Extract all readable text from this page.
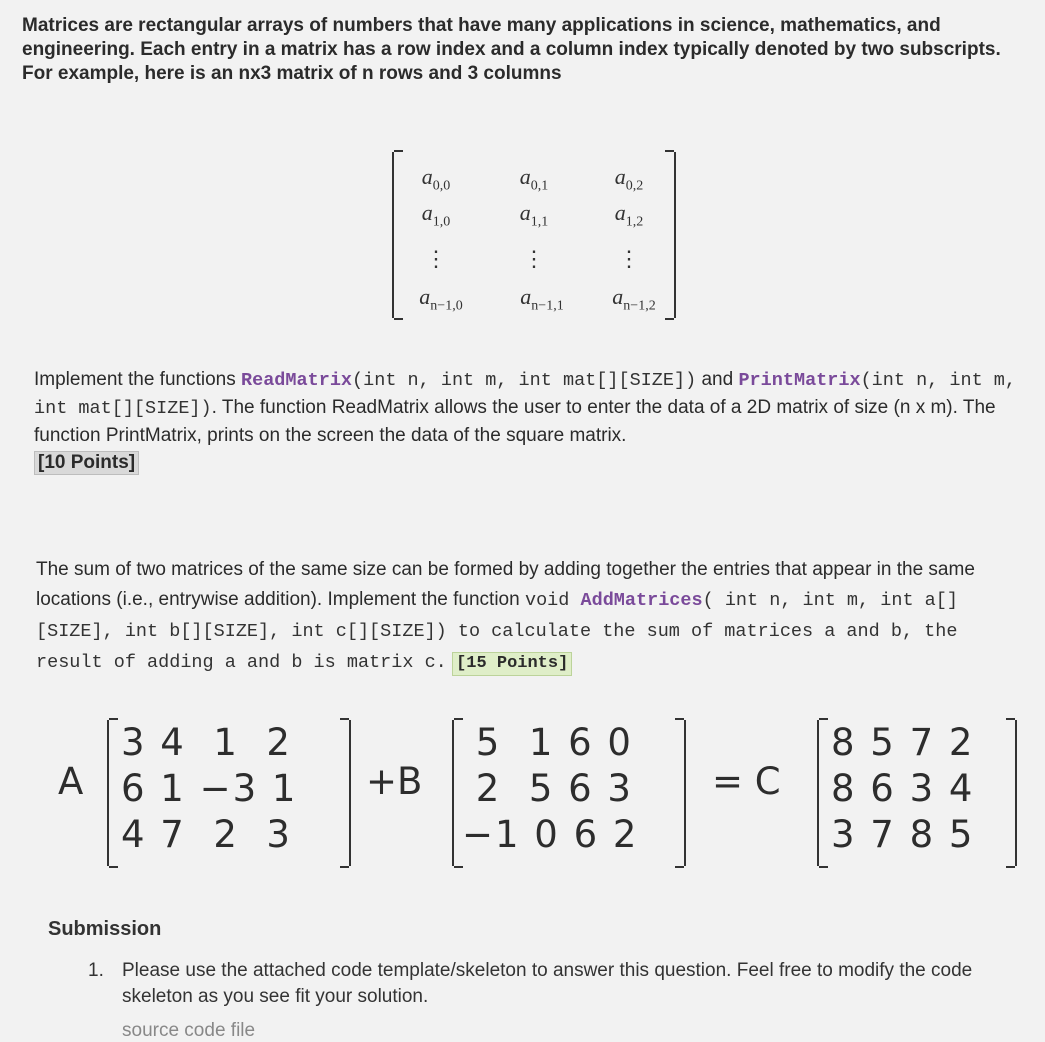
Matrices are rectangular arrays of numbers that have many applications in science, mathematics, and engineering. Each entry in a matrix has a row index and a column index typically denoted by two subscripts. For example, here is an nx3 matrix of n rows and 3 columns
$a_{0,0}$	$a_{0,1}$	$a_{0,2}$
$a_{1,0}$	$a_{1,1}$	$a_{1,2}$
⋮	⋮	⋮
$a_{n-1,0}$	$a_{n-1,1}$	$a_{n-1,2}$
Implement the functions ReadMatrix(int n, int m, int mat[][SIZE]) and PrintMatrix(int n, int m, int mat[][SIZE]). The function ReadMatrix allows the user to enter the data of a 2D matrix of size (n x m). The function PrintMatrix, prints on the screen the data of the square matrix.
[10 Points]
The sum of two matrices of the same size can be formed by adding together the entries that appear in the same locations (i.e., entrywise addition). Implement the function void AddMatrices( int n, int m, int a[][SIZE], int b[][SIZE], int c[][SIZE]) to calculate the sum of matrices a and b, the result of adding a and b is matrix c. [15 Points]
A
3 4  1  2
6 1 −3 1
4 7  2  3
+B
5  1 6 0
2  5 6 3
−1 0 6 2
= C
8 5 7 2
8 6 3 4
3 7 8 5
Submission
1. Please use the attached code template/skeleton to answer this question. Feel free to modify the code skeleton as you see fit your solution.
source code file
